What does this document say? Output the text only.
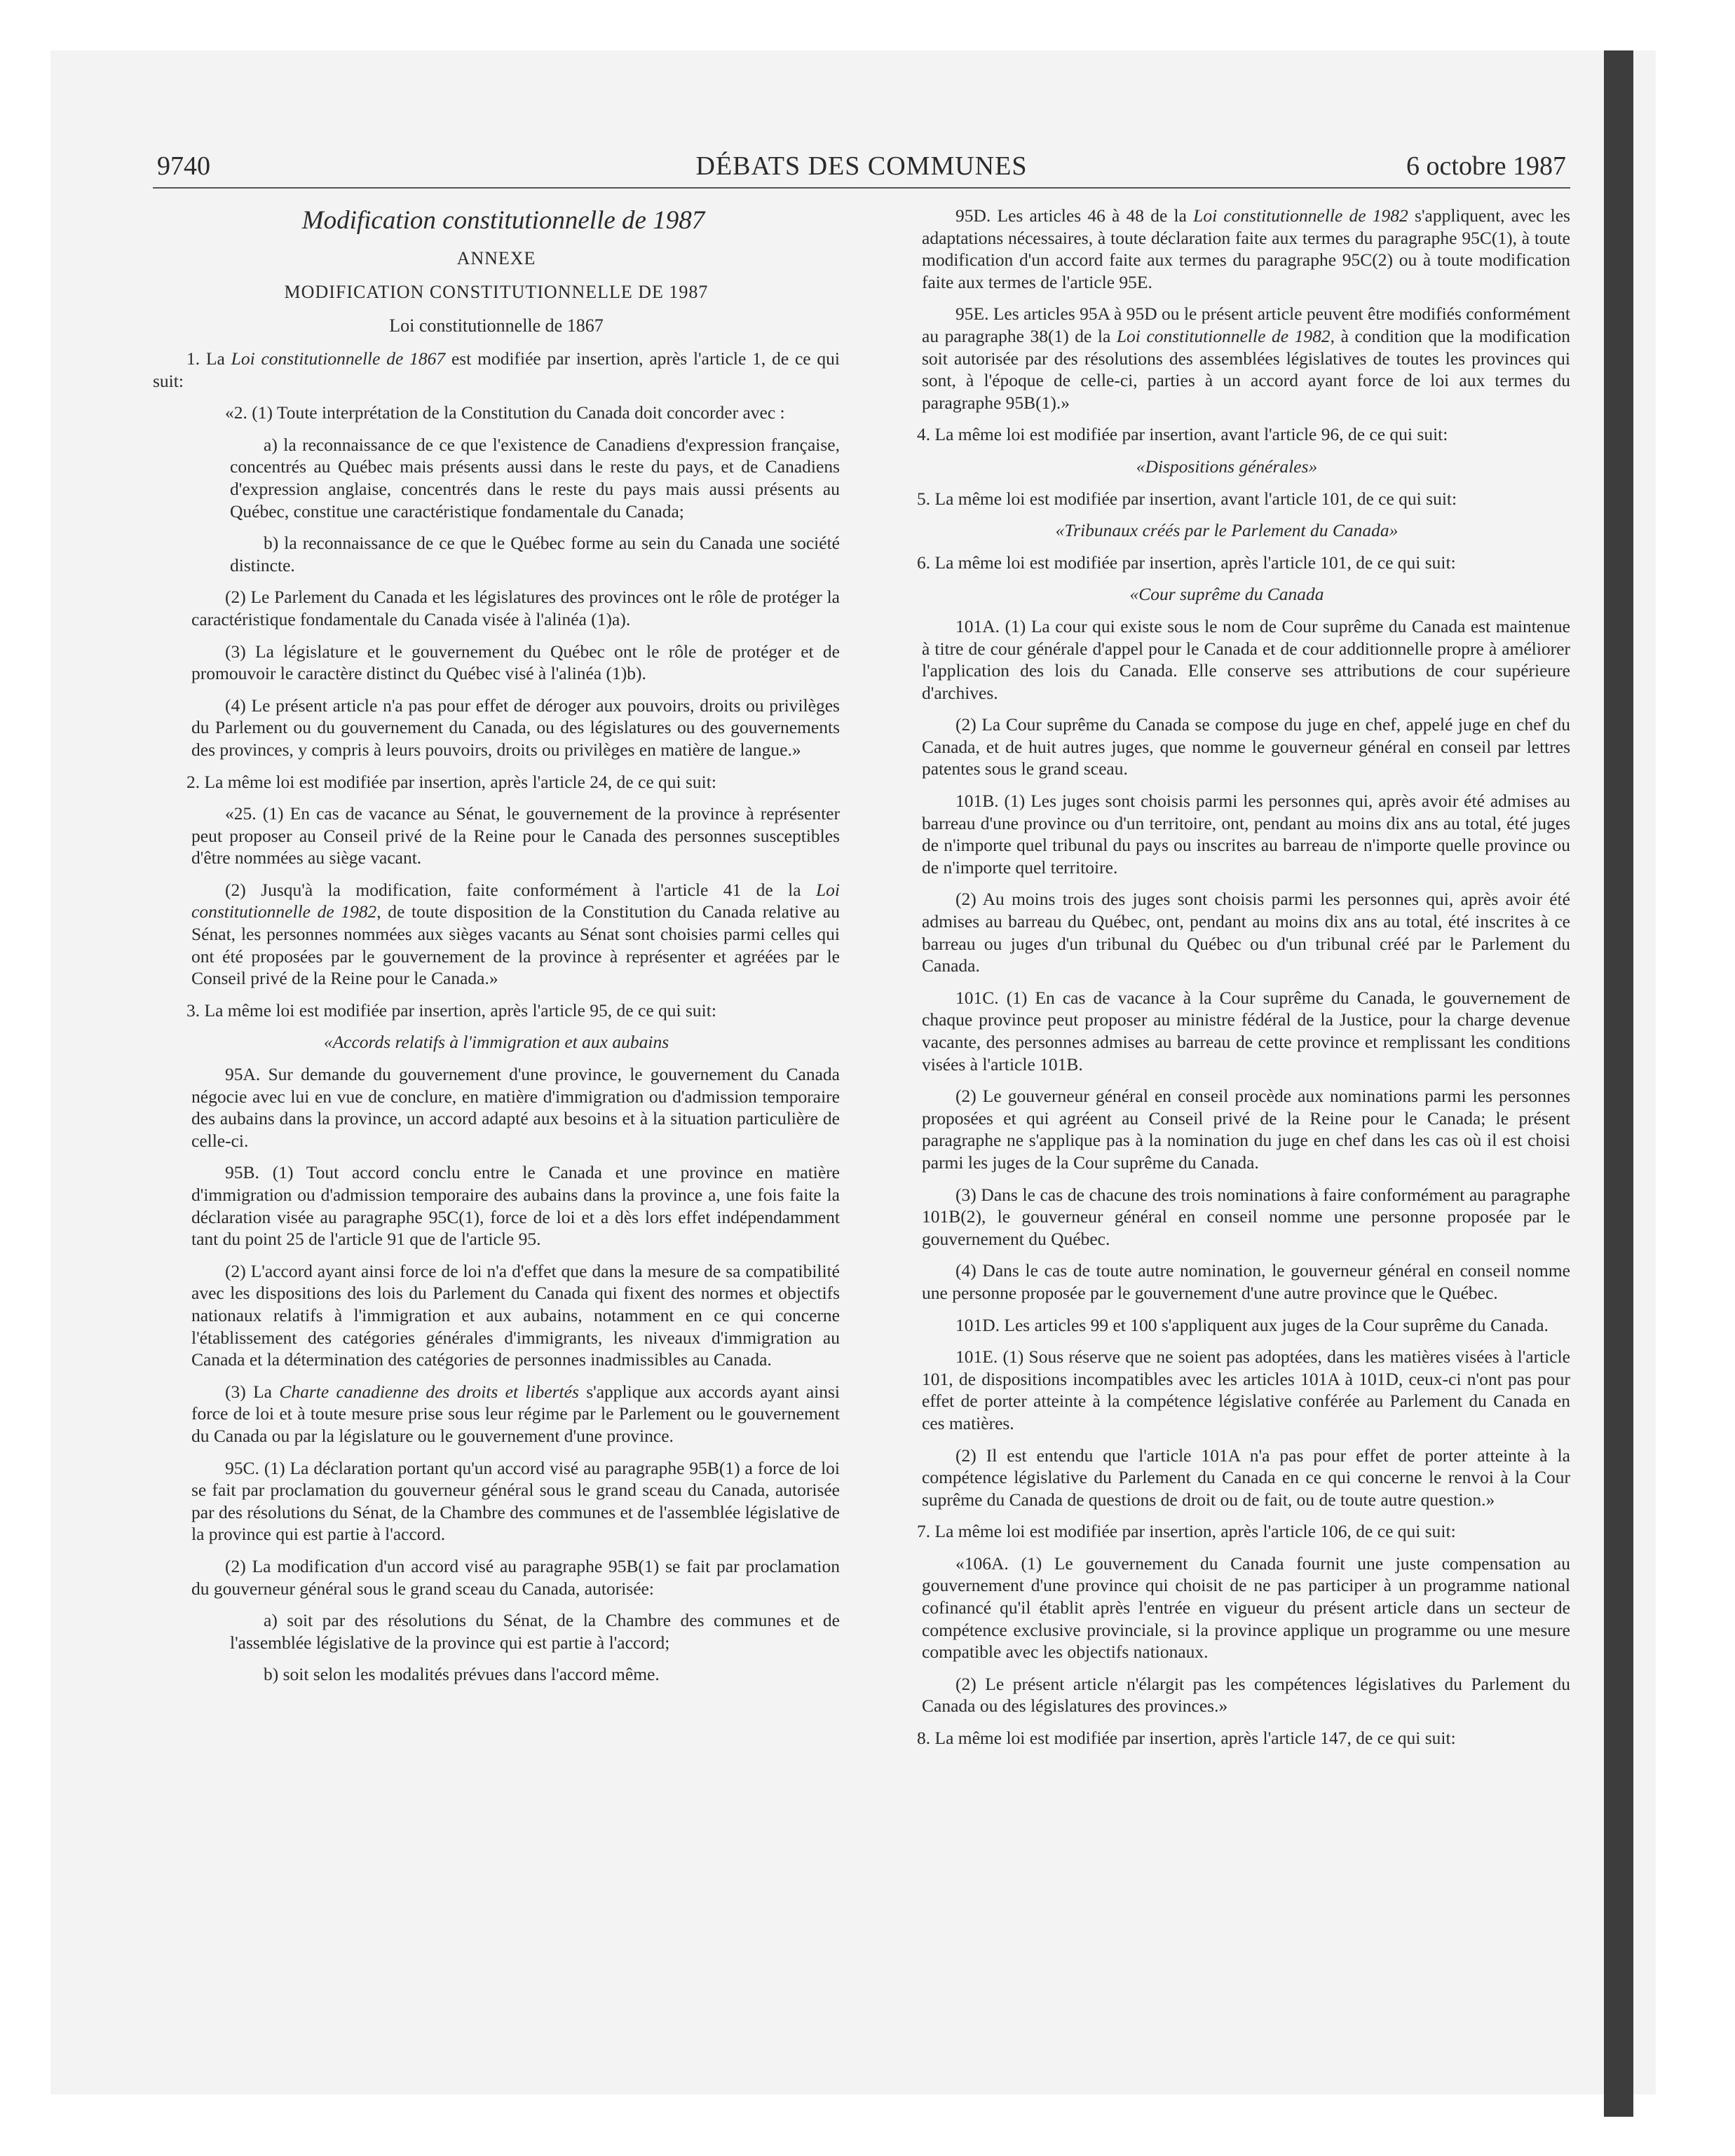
9740	DÉBATS DES COMMUNES	6 octobre 1987

Modification constitutionnelle de 1987

ANNEXE

MODIFICATION CONSTITUTIONNELLE DE 1987

Loi constitutionnelle de 1867

1. La Loi constitutionnelle de 1867 est modifiée par insertion, après l'article 1, de ce qui suit:

«2. (1) Toute interprétation de la Constitution du Canada doit concorder avec :

a) la reconnaissance de ce que l'existence de Canadiens d'expression française, concentrés au Québec mais présents aussi dans le reste du pays, et de Canadiens d'expression anglaise, concentrés dans le reste du pays mais aussi présents au Québec, constitue une caractéristique fondamentale du Canada;

b) la reconnaissance de ce que le Québec forme au sein du Canada une société distincte.

(2) Le Parlement du Canada et les législatures des provinces ont le rôle de protéger la caractéristique fondamentale du Canada visée à l'alinéa (1)a).

(3) La législature et le gouvernement du Québec ont le rôle de protéger et de promouvoir le caractère distinct du Québec visé à l'alinéa (1)b).

(4) Le présent article n'a pas pour effet de déroger aux pouvoirs, droits ou privilèges du Parlement ou du gouvernement du Canada, ou des législatures ou des gouvernements des provinces, y compris à leurs pouvoirs, droits ou privilèges en matière de langue.»

2. La même loi est modifiée par insertion, après l'article 24, de ce qui suit:

«25. (1) En cas de vacance au Sénat, le gouvernement de la province à représenter peut proposer au Conseil privé de la Reine pour le Canada des personnes susceptibles d'être nommées au siège vacant.

(2) Jusqu'à la modification, faite conformément à l'article 41 de la Loi constitutionnelle de 1982, de toute disposition de la Constitution du Canada relative au Sénat, les personnes nommées aux sièges vacants au Sénat sont choisies parmi celles qui ont été proposées par le gouvernement de la province à représenter et agréées par le Conseil privé de la Reine pour le Canada.»

3. La même loi est modifiée par insertion, après l'article 95, de ce qui suit:

«Accords relatifs à l'immigration et aux aubains

95A. Sur demande du gouvernement d'une province, le gouvernement du Canada négocie avec lui en vue de conclure, en matière d'immigration ou d'admission temporaire des aubains dans la province, un accord adapté aux besoins et à la situation particulière de celle-ci.

95B. (1) Tout accord conclu entre le Canada et une province en matière d'immigration ou d'admission temporaire des aubains dans la province a, une fois faite la déclaration visée au paragraphe 95C(1), force de loi et a dès lors effet indépendamment tant du point 25 de l'article 91 que de l'article 95.

(2) L'accord ayant ainsi force de loi n'a d'effet que dans la mesure de sa compatibilité avec les dispositions des lois du Parlement du Canada qui fixent des normes et objectifs nationaux relatifs à l'immigration et aux aubains, notamment en ce qui concerne l'établissement des catégories générales d'immigrants, les niveaux d'immigration au Canada et la détermination des catégories de personnes inadmissibles au Canada.

(3) La Charte canadienne des droits et libertés s'applique aux accords ayant ainsi force de loi et à toute mesure prise sous leur régime par le Parlement ou le gouvernement du Canada ou par la législature ou le gouvernement d'une province.

95C. (1) La déclaration portant qu'un accord visé au paragraphe 95B(1) a force de loi se fait par proclamation du gouverneur général sous le grand sceau du Canada, autorisée par des résolutions du Sénat, de la Chambre des communes et de l'assemblée législative de la province qui est partie à l'accord.

(2) La modification d'un accord visé au paragraphe 95B(1) se fait par proclamation du gouverneur général sous le grand sceau du Canada, autorisée:

a) soit par des résolutions du Sénat, de la Chambre des communes et de l'assemblée législative de la province qui est partie à l'accord;

b) soit selon les modalités prévues dans l'accord même.

95D. Les articles 46 à 48 de la Loi constitutionnelle de 1982 s'appliquent, avec les adaptations nécessaires, à toute déclaration faite aux termes du paragraphe 95C(1), à toute modification d'un accord faite aux termes du paragraphe 95C(2) ou à toute modification faite aux termes de l'article 95E.

95E. Les articles 95A à 95D ou le présent article peuvent être modifiés conformément au paragraphe 38(1) de la Loi constitutionnelle de 1982, à condition que la modification soit autorisée par des résolutions des assemblées législatives de toutes les provinces qui sont, à l'époque de celle-ci, parties à un accord ayant force de loi aux termes du paragraphe 95B(1).»

4. La même loi est modifiée par insertion, avant l'article 96, de ce qui suit:

«Dispositions générales»

5. La même loi est modifiée par insertion, avant l'article 101, de ce qui suit:

«Tribunaux créés par le Parlement du Canada»

6. La même loi est modifiée par insertion, après l'article 101, de ce qui suit:

«Cour suprême du Canada

101A. (1) La cour qui existe sous le nom de Cour suprême du Canada est maintenue à titre de cour générale d'appel pour le Canada et de cour additionnelle propre à améliorer l'application des lois du Canada. Elle conserve ses attributions de cour supérieure d'archives.

(2) La Cour suprême du Canada se compose du juge en chef, appelé juge en chef du Canada, et de huit autres juges, que nomme le gouverneur général en conseil par lettres patentes sous le grand sceau.

101B. (1) Les juges sont choisis parmi les personnes qui, après avoir été admises au barreau d'une province ou d'un territoire, ont, pendant au moins dix ans au total, été juges de n'importe quel tribunal du pays ou inscrites au barreau de n'importe quelle province ou de n'importe quel territoire.

(2) Au moins trois des juges sont choisis parmi les personnes qui, après avoir été admises au barreau du Québec, ont, pendant au moins dix ans au total, été inscrites à ce barreau ou juges d'un tribunal du Québec ou d'un tribunal créé par le Parlement du Canada.

101C. (1) En cas de vacance à la Cour suprême du Canada, le gouvernement de chaque province peut proposer au ministre fédéral de la Justice, pour la charge devenue vacante, des personnes admises au barreau de cette province et remplissant les conditions visées à l'article 101B.

(2) Le gouverneur général en conseil procède aux nominations parmi les personnes proposées et qui agréent au Conseil privé de la Reine pour le Canada; le présent paragraphe ne s'applique pas à la nomination du juge en chef dans les cas où il est choisi parmi les juges de la Cour suprême du Canada.

(3) Dans le cas de chacune des trois nominations à faire conformément au paragraphe 101B(2), le gouverneur général en conseil nomme une personne proposée par le gouvernement du Québec.

(4) Dans le cas de toute autre nomination, le gouverneur général en conseil nomme une personne proposée par le gouvernement d'une autre province que le Québec.

101D. Les articles 99 et 100 s'appliquent aux juges de la Cour suprême du Canada.

101E. (1) Sous réserve que ne soient pas adoptées, dans les matières visées à l'article 101, de dispositions incompatibles avec les articles 101A à 101D, ceux-ci n'ont pas pour effet de porter atteinte à la compétence législative conférée au Parlement du Canada en ces matières.

(2) Il est entendu que l'article 101A n'a pas pour effet de porter atteinte à la compétence législative du Parlement du Canada en ce qui concerne le renvoi à la Cour suprême du Canada de questions de droit ou de fait, ou de toute autre question.»

7. La même loi est modifiée par insertion, après l'article 106, de ce qui suit:

«106A. (1) Le gouvernement du Canada fournit une juste compensation au gouvernement d'une province qui choisit de ne pas participer à un programme national cofinancé qu'il établit après l'entrée en vigueur du présent article dans un secteur de compétence exclusive provinciale, si la province applique un programme ou une mesure compatible avec les objectifs nationaux.

(2) Le présent article n'élargit pas les compétences législatives du Parlement du Canada ou des législatures des provinces.»

8. La même loi est modifiée par insertion, après l'article 147, de ce qui suit:
